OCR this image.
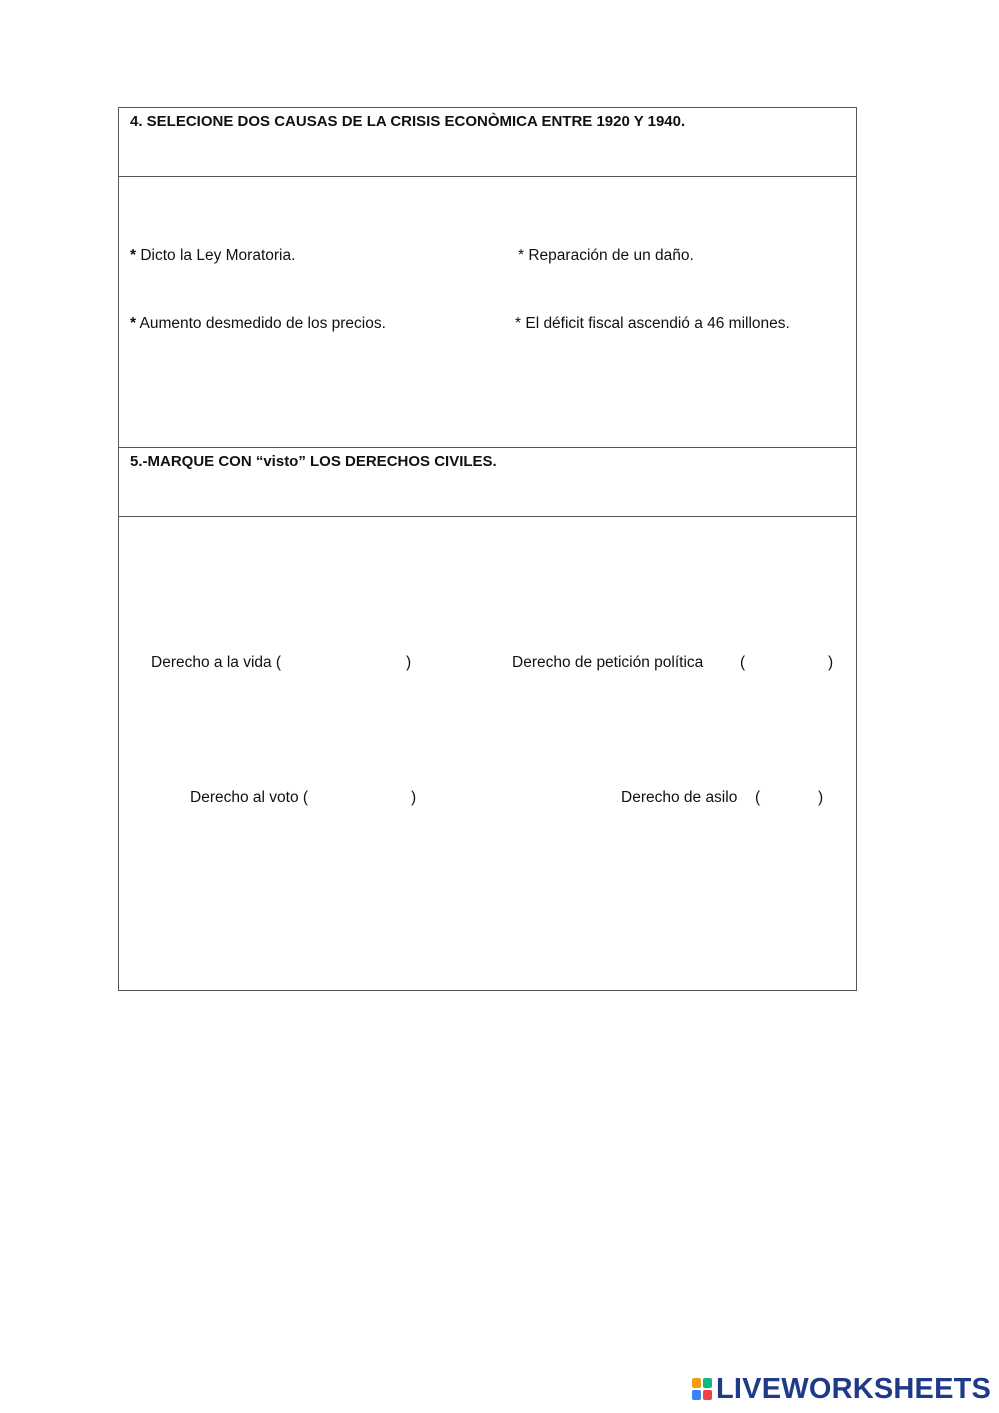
4. SELECIONE DOS CAUSAS DE LA CRISIS ECONÒMICA ENTRE 1920 Y 1940.
* Dicto la Ley Moratoria.	* Reparación de un daño.
* Aumento desmedido de los precios.	* El déficit fiscal ascendió a 46 millones.
5.-MARQUE CON “visto” LOS DERECHOS CIVILES.
Derecho a la vida (	)	Derecho de petición política (	)
Derecho al voto (	)	Derecho de asilo (	)
LIVEWORKSHEETS
